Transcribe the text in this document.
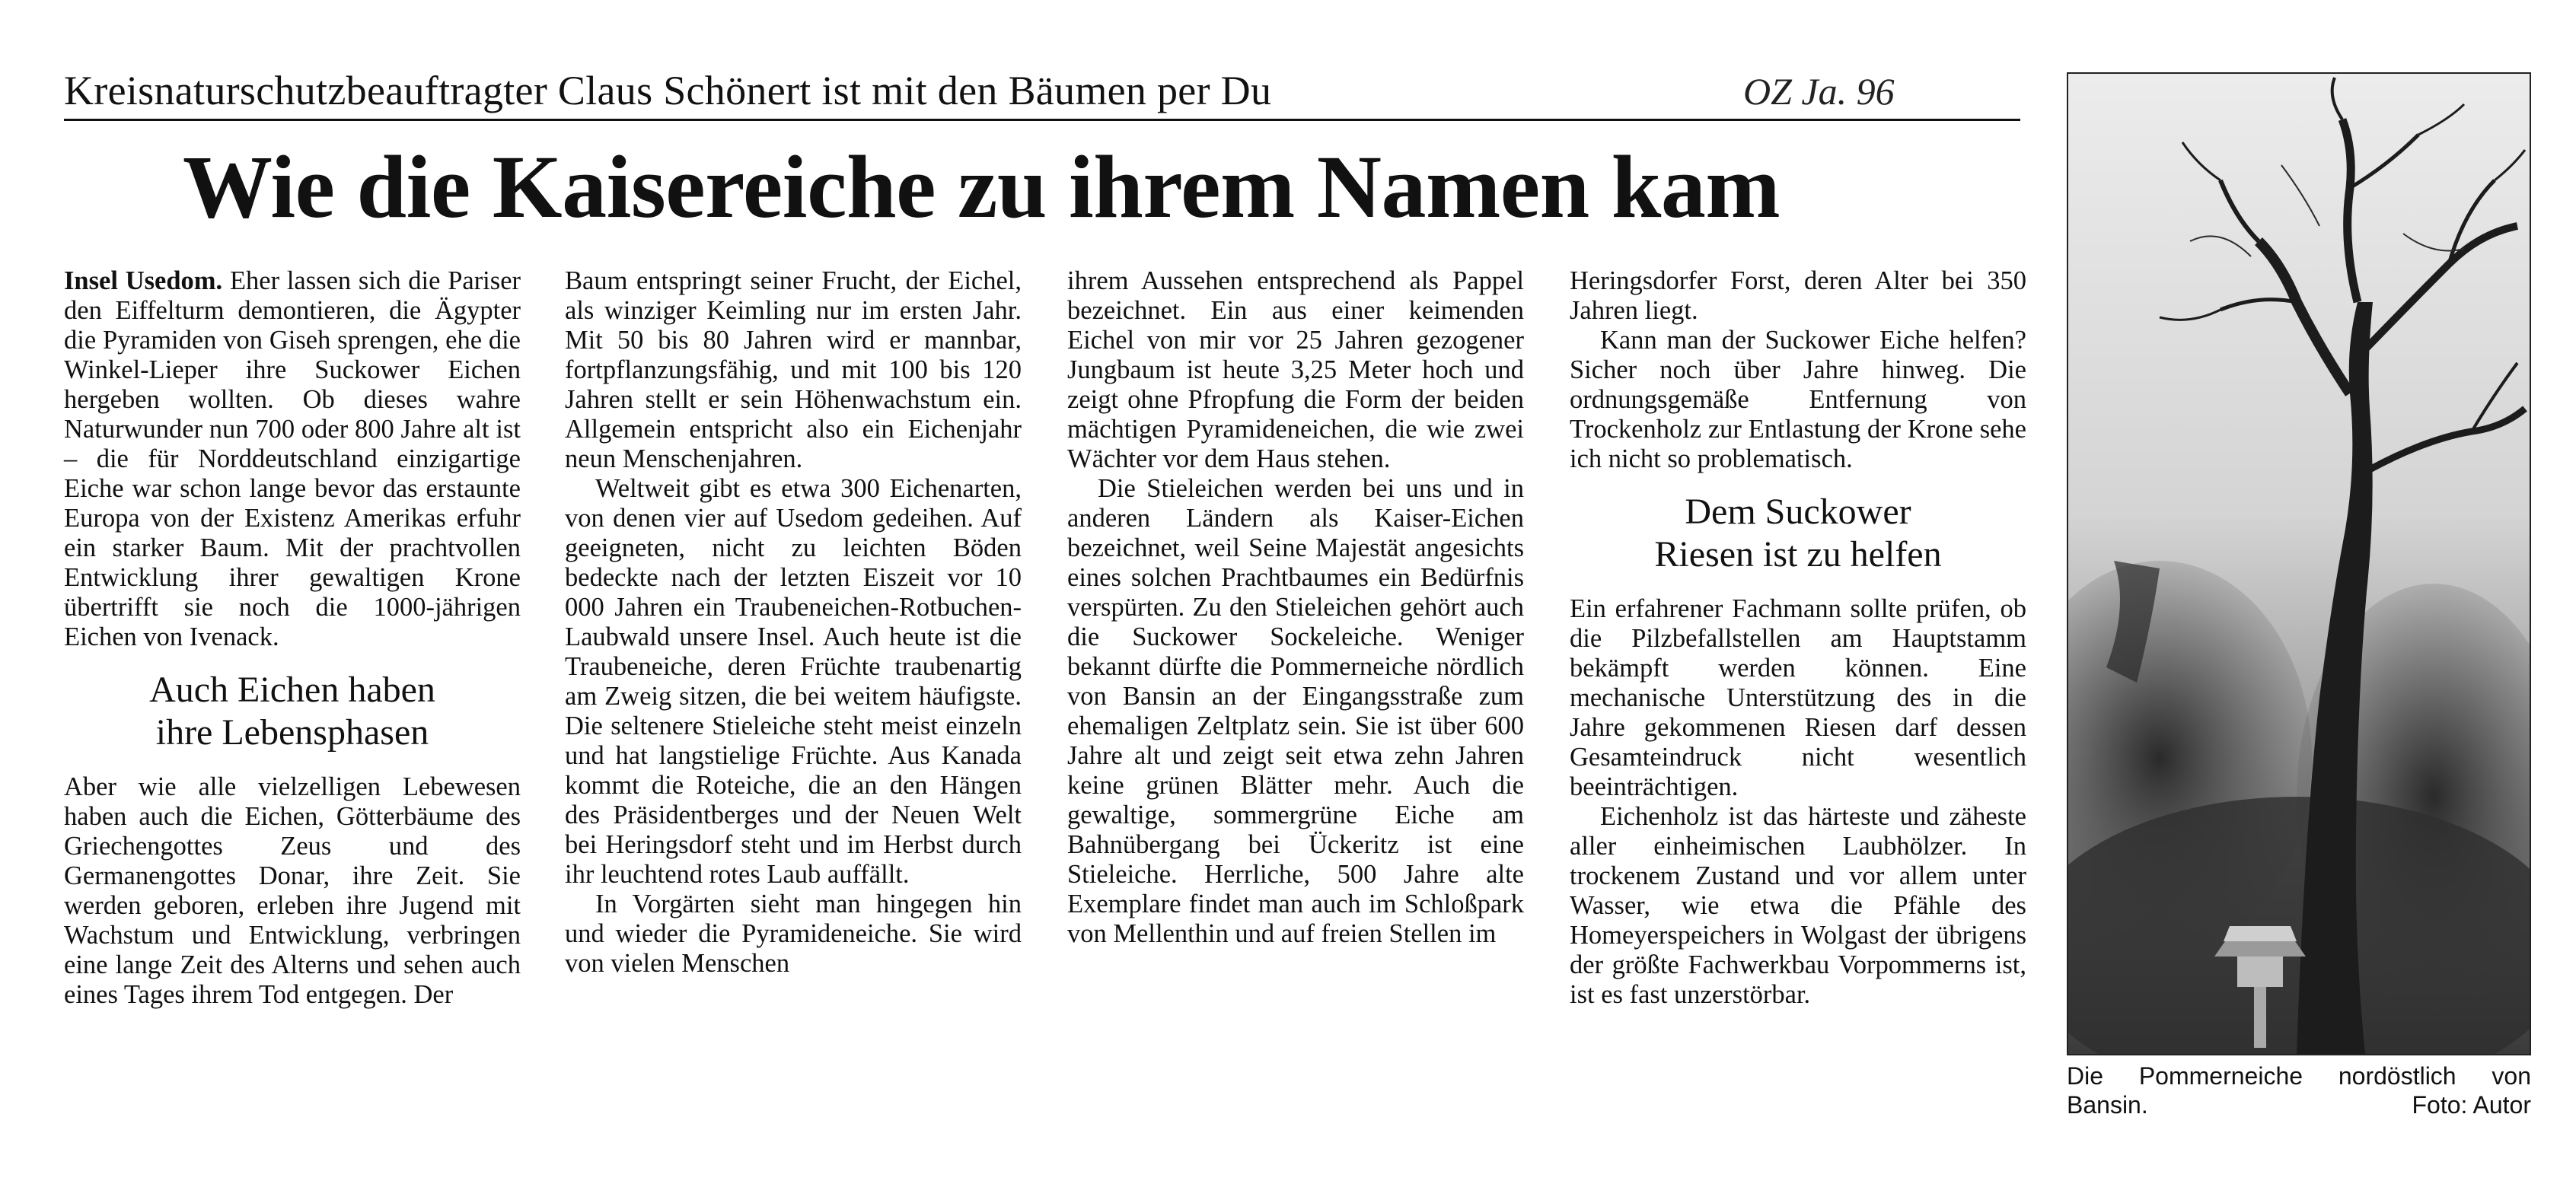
Kreisnaturschutzbeauftragter Claus Schönert ist mit den Bäumen per Du	OZ Ja. 96
Wie die Kaisereiche zu ihrem Namen kam

Insel Usedom. Eher lassen sich die Pariser den Eiffelturm demontieren, die Ägypter die Pyramiden von Giseh sprengen, ehe die Winkel-Lieper ihre Suckower Eichen hergeben wollten. Ob dieses wahre Naturwunder nun 700 oder 800 Jahre alt ist – die für Norddeutschland einzigartige Eiche war schon lange bevor das erstaunte Europa von der Existenz Amerikas erfuhr ein starker Baum. Mit der prachtvollen Entwicklung ihrer gewaltigen Krone übertrifft sie noch die 1000-jährigen Eichen von Ivenack.

Auch Eichen haben
ihre Lebensphasen

Aber wie alle vielzelligen Lebewesen haben auch die Eichen, Götterbäume des Griechengottes Zeus und des Germanengottes Donar, ihre Zeit. Sie werden geboren, erleben ihre Jugend mit Wachstum und Entwicklung, verbringen eine lange Zeit des Alterns und sehen auch eines Tages ihrem Tod entgegen. Der

Baum entspringt seiner Frucht, der Eichel, als winziger Keimling nur im ersten Jahr. Mit 50 bis 80 Jahren wird er mannbar, fortpflanzungsfähig, und mit 100 bis 120 Jahren stellt er sein Höhenwachstum ein. Allgemein entspricht also ein Eichenjahr neun Menschenjahren.

Weltweit gibt es etwa 300 Eichenarten, von denen vier auf Usedom gedeihen. Auf geeigneten, nicht zu leichten Böden bedeckte nach der letzten Eiszeit vor 10 000 Jahren ein Traubeneichen-Rotbuchen-Laubwald unsere Insel. Auch heute ist die Traubeneiche, deren Früchte traubenartig am Zweig sitzen, die bei weitem häufigste. Die seltenere Stieleiche steht meist einzeln und hat langstielige Früchte. Aus Kanada kommt die Roteiche, die an den Hängen des Präsidentberges und der Neuen Welt bei Heringsdorf steht und im Herbst durch ihr leuchtend rotes Laub auffällt.

In Vorgärten sieht man hingegen hin und wieder die Pyramideneiche. Sie wird von vielen Menschen

ihrem Aussehen entsprechend als Pappel bezeichnet. Ein aus einer keimenden Eichel von mir vor 25 Jahren gezogener Jungbaum ist heute 3,25 Meter hoch und zeigt ohne Pfropfung die Form der beiden mächtigen Pyramideneichen, die wie zwei Wächter vor dem Haus stehen.

Die Stieleichen werden bei uns und in anderen Ländern als Kaiser-Eichen bezeichnet, weil Seine Majestät angesichts eines solchen Prachtbaumes ein Bedürfnis verspürten. Zu den Stieleichen gehört auch die Suckower Sockeleiche. Weniger bekannt dürfte die Pommerneiche nördlich von Bansin an der Eingangsstraße zum ehemaligen Zeltplatz sein. Sie ist über 600 Jahre alt und zeigt seit etwa zehn Jahren keine grünen Blätter mehr. Auch die gewaltige, sommergrüne Eiche am Bahnübergang bei Ückeritz ist eine Stieleiche. Herrliche, 500 Jahre alte Exemplare findet man auch im Schloßpark von Mellenthin und auf freien Stellen im

Heringsdorfer Forst, deren Alter bei 350 Jahren liegt.

Kann man der Suckower Eiche helfen? Sicher noch über Jahre hinweg. Die ordnungsgemäße Entfernung von Trockenholz zur Entlastung der Krone sehe ich nicht so problematisch.

Dem Suckower
Riesen ist zu helfen

Ein erfahrener Fachmann sollte prüfen, ob die Pilzbefallstellen am Hauptstamm bekämpft werden können. Eine mechanische Unterstützung des in die Jahre gekommenen Riesen darf dessen Gesamteindruck nicht wesentlich beeinträchtigen.

Eichenholz ist das härteste und zäheste aller einheimischen Laubhölzer. In trockenem Zustand und vor allem unter Wasser, wie etwa die Pfähle des Homeyerspeichers in Wolgast der übrigens der größte Fachwerkbau Vorpommerns ist, ist es fast unzerstörbar.

Die Pommerneiche nordöstlich von
Bansin.	Foto: Autor
